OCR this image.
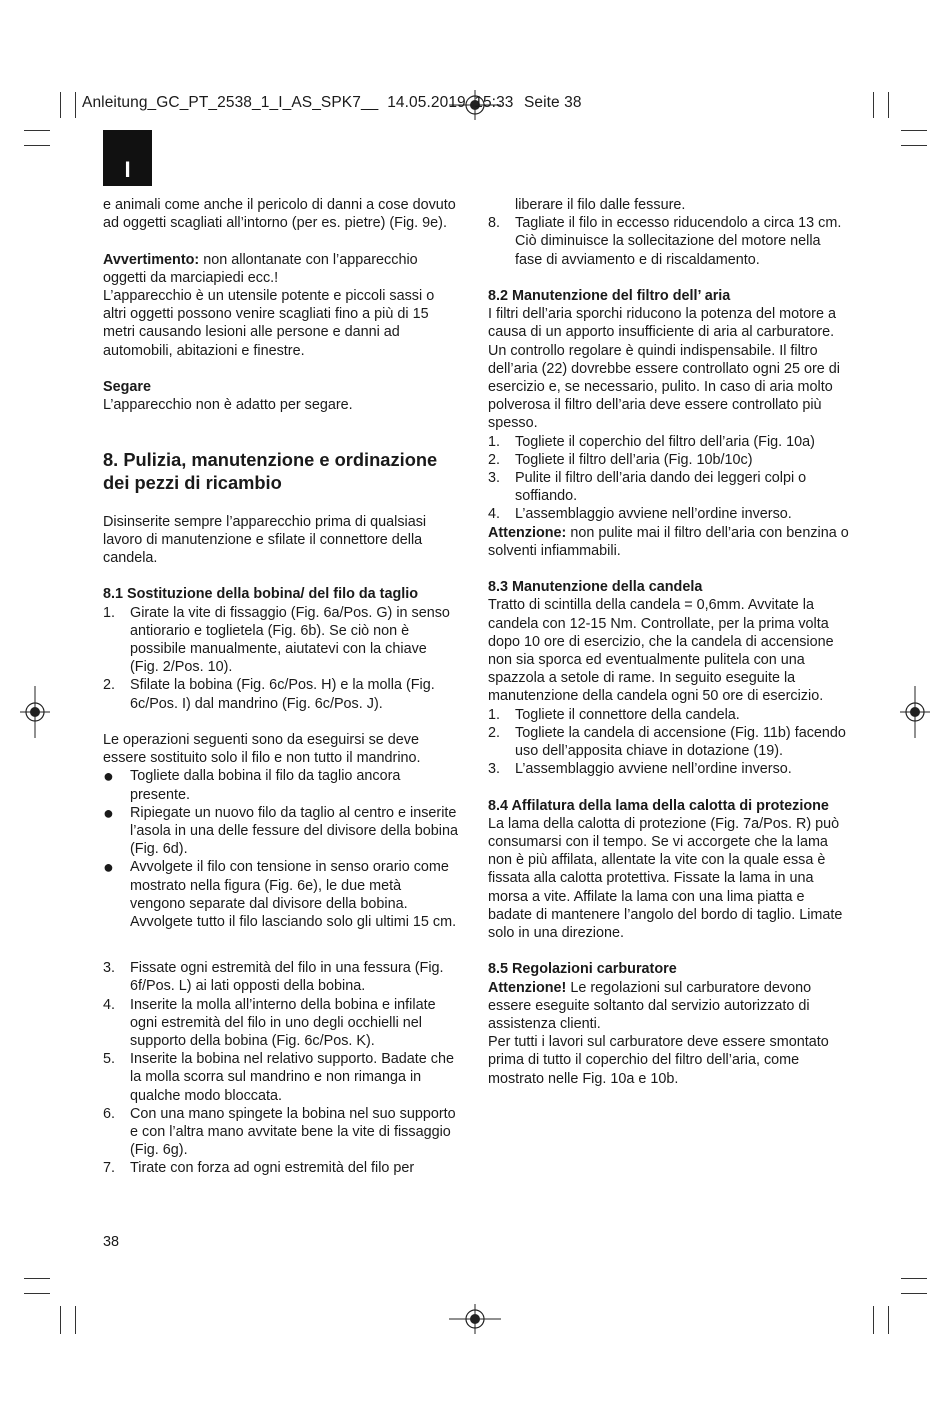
Anleitung_GC_PT_2538_1_I_AS_SPK7__  14.05.2019 15:33 Seite 38
I

e animali come anche il pericolo di danni a cose dovuto ad oggetti scagliati all’intorno (per es. pietre) (Fig. 9e).

Avvertimento: non allontanate con l’apparecchio oggetti da marciapiedi ecc.!

L’apparecchio è un utensile potente e piccoli sassi o altri oggetti possono venire scagliati fino a più di 15 metri causando lesioni alle persone e danni ad automobili, abitazioni e finestre.

Segare

L’apparecchio non è adatto per segare.

8. Pulizia, manutenzione e ordinazione dei pezzi di ricambio

Disinserite sempre l’apparecchio prima di qualsiasi lavoro di manutenzione e sfilate il connettore della candela.

8.1 Sostituzione della bobina/ del filo da taglio

1.	Girate la vite di fissaggio (Fig. 6a/Pos. G) in senso antiorario e toglietela (Fig. 6b). Se ciò non è possibile manualmente, aiutatevi con la chiave (Fig. 2/Pos. 10).
2.	Sfilate la bobina (Fig. 6c/Pos. H) e la molla (Fig. 6c/Pos. I) dal mandrino (Fig. 6c/Pos. J).

Le operazioni seguenti sono da eseguirsi se deve essere sostituito solo il filo e non tutto il mandrino.

●	Togliete dalla bobina il filo da taglio ancora presente.
●	Ripiegate un nuovo filo da taglio al centro e inserite l’asola in una delle fessure del divisore della bobina (Fig. 6d).
●	Avvolgete il filo con tensione in senso orario come mostrato nella figura (Fig. 6e), le due metà vengono separate dal divisore della bobina. Avvolgete tutto il filo lasciando solo gli ultimi 15 cm.
3.	Fissate ogni estremità del filo in una fessura (Fig. 6f/Pos. L) ai lati opposti della bobina.
4.	Inserite la molla all’interno della bobina e infilate ogni estremità del filo in uno degli occhielli nel supporto della bobina (Fig. 6c/Pos. K).
5.	Inserite la bobina nel relativo supporto. Badate che la molla scorra sul mandrino e non rimanga in qualche modo bloccata.
6.	Con una mano spingete la bobina nel suo supporto e con l’altra mano avvitate bene la vite di fissaggio (Fig. 6g).
7.	Tirate con forza ad ogni estremità del filo per

liberare il filo dalle fessure.

8.	Tagliate il filo in eccesso riducendolo a circa 13 cm. Ciò diminuisce la sollecitazione del motore nella fase di avviamento e di riscaldamento.

8.2 Manutenzione del filtro dell’ aria

I filtri dell’aria sporchi riducono la potenza del motore a causa di un apporto insufficiente di aria al carburatore. Un controllo regolare è quindi indispensabile. Il filtro dell’aria (22) dovrebbe essere controllato ogni 25 ore di esercizio e, se necessario, pulito. In caso di aria molto polverosa il filtro dell’aria deve essere controllato più spesso.

1.	Togliete il coperchio del filtro dell’aria (Fig. 10a)
2.	Togliete il filtro dell’aria (Fig. 10b/10c)
3.	Pulite il filtro dell’aria dando dei leggeri colpi o soffiando.
4.	L’assemblaggio avviene nell’ordine inverso.

Attenzione: non pulite mai il filtro dell’aria con benzina o solventi infiammabili.

8.3 Manutenzione della candela

Tratto di scintilla della candela = 0,6mm. Avvitate la candela con 12-15 Nm. Controllate, per la prima volta dopo 10 ore di esercizio, che la candela di accensione non sia sporca ed eventualmente pulitela con una spazzola a setole di rame. In seguito eseguite la manutenzione della candela ogni 50 ore di esercizio.

1.	Togliete il connettore della candela.
2.	Togliete la candela di accensione (Fig. 11b) facendo uso dell’apposita chiave in dotazione (19).
3.	L’assemblaggio avviene nell’ordine inverso.

8.4 Affilatura della lama della calotta di protezione

La lama della calotta di protezione (Fig. 7a/Pos. R) può consumarsi con il tempo. Se vi accorgete che la lama non è più affilata, allentate la vite con la quale essa è fissata alla calotta protettiva. Fissate la lama in una morsa a vite. Affilate la lama con una lima piatta e badate di mantenere l’angolo del bordo di taglio. Limate solo in una direzione.

8.5 Regolazioni carburatore

Attenzione! Le regolazioni sul carburatore devono essere eseguite soltanto dal servizio autorizzato di assistenza clienti.

Per tutti i lavori sul carburatore deve essere smontato prima di tutto il coperchio del filtro dell’aria, come mostrato nelle Fig. 10a e 10b.

38
